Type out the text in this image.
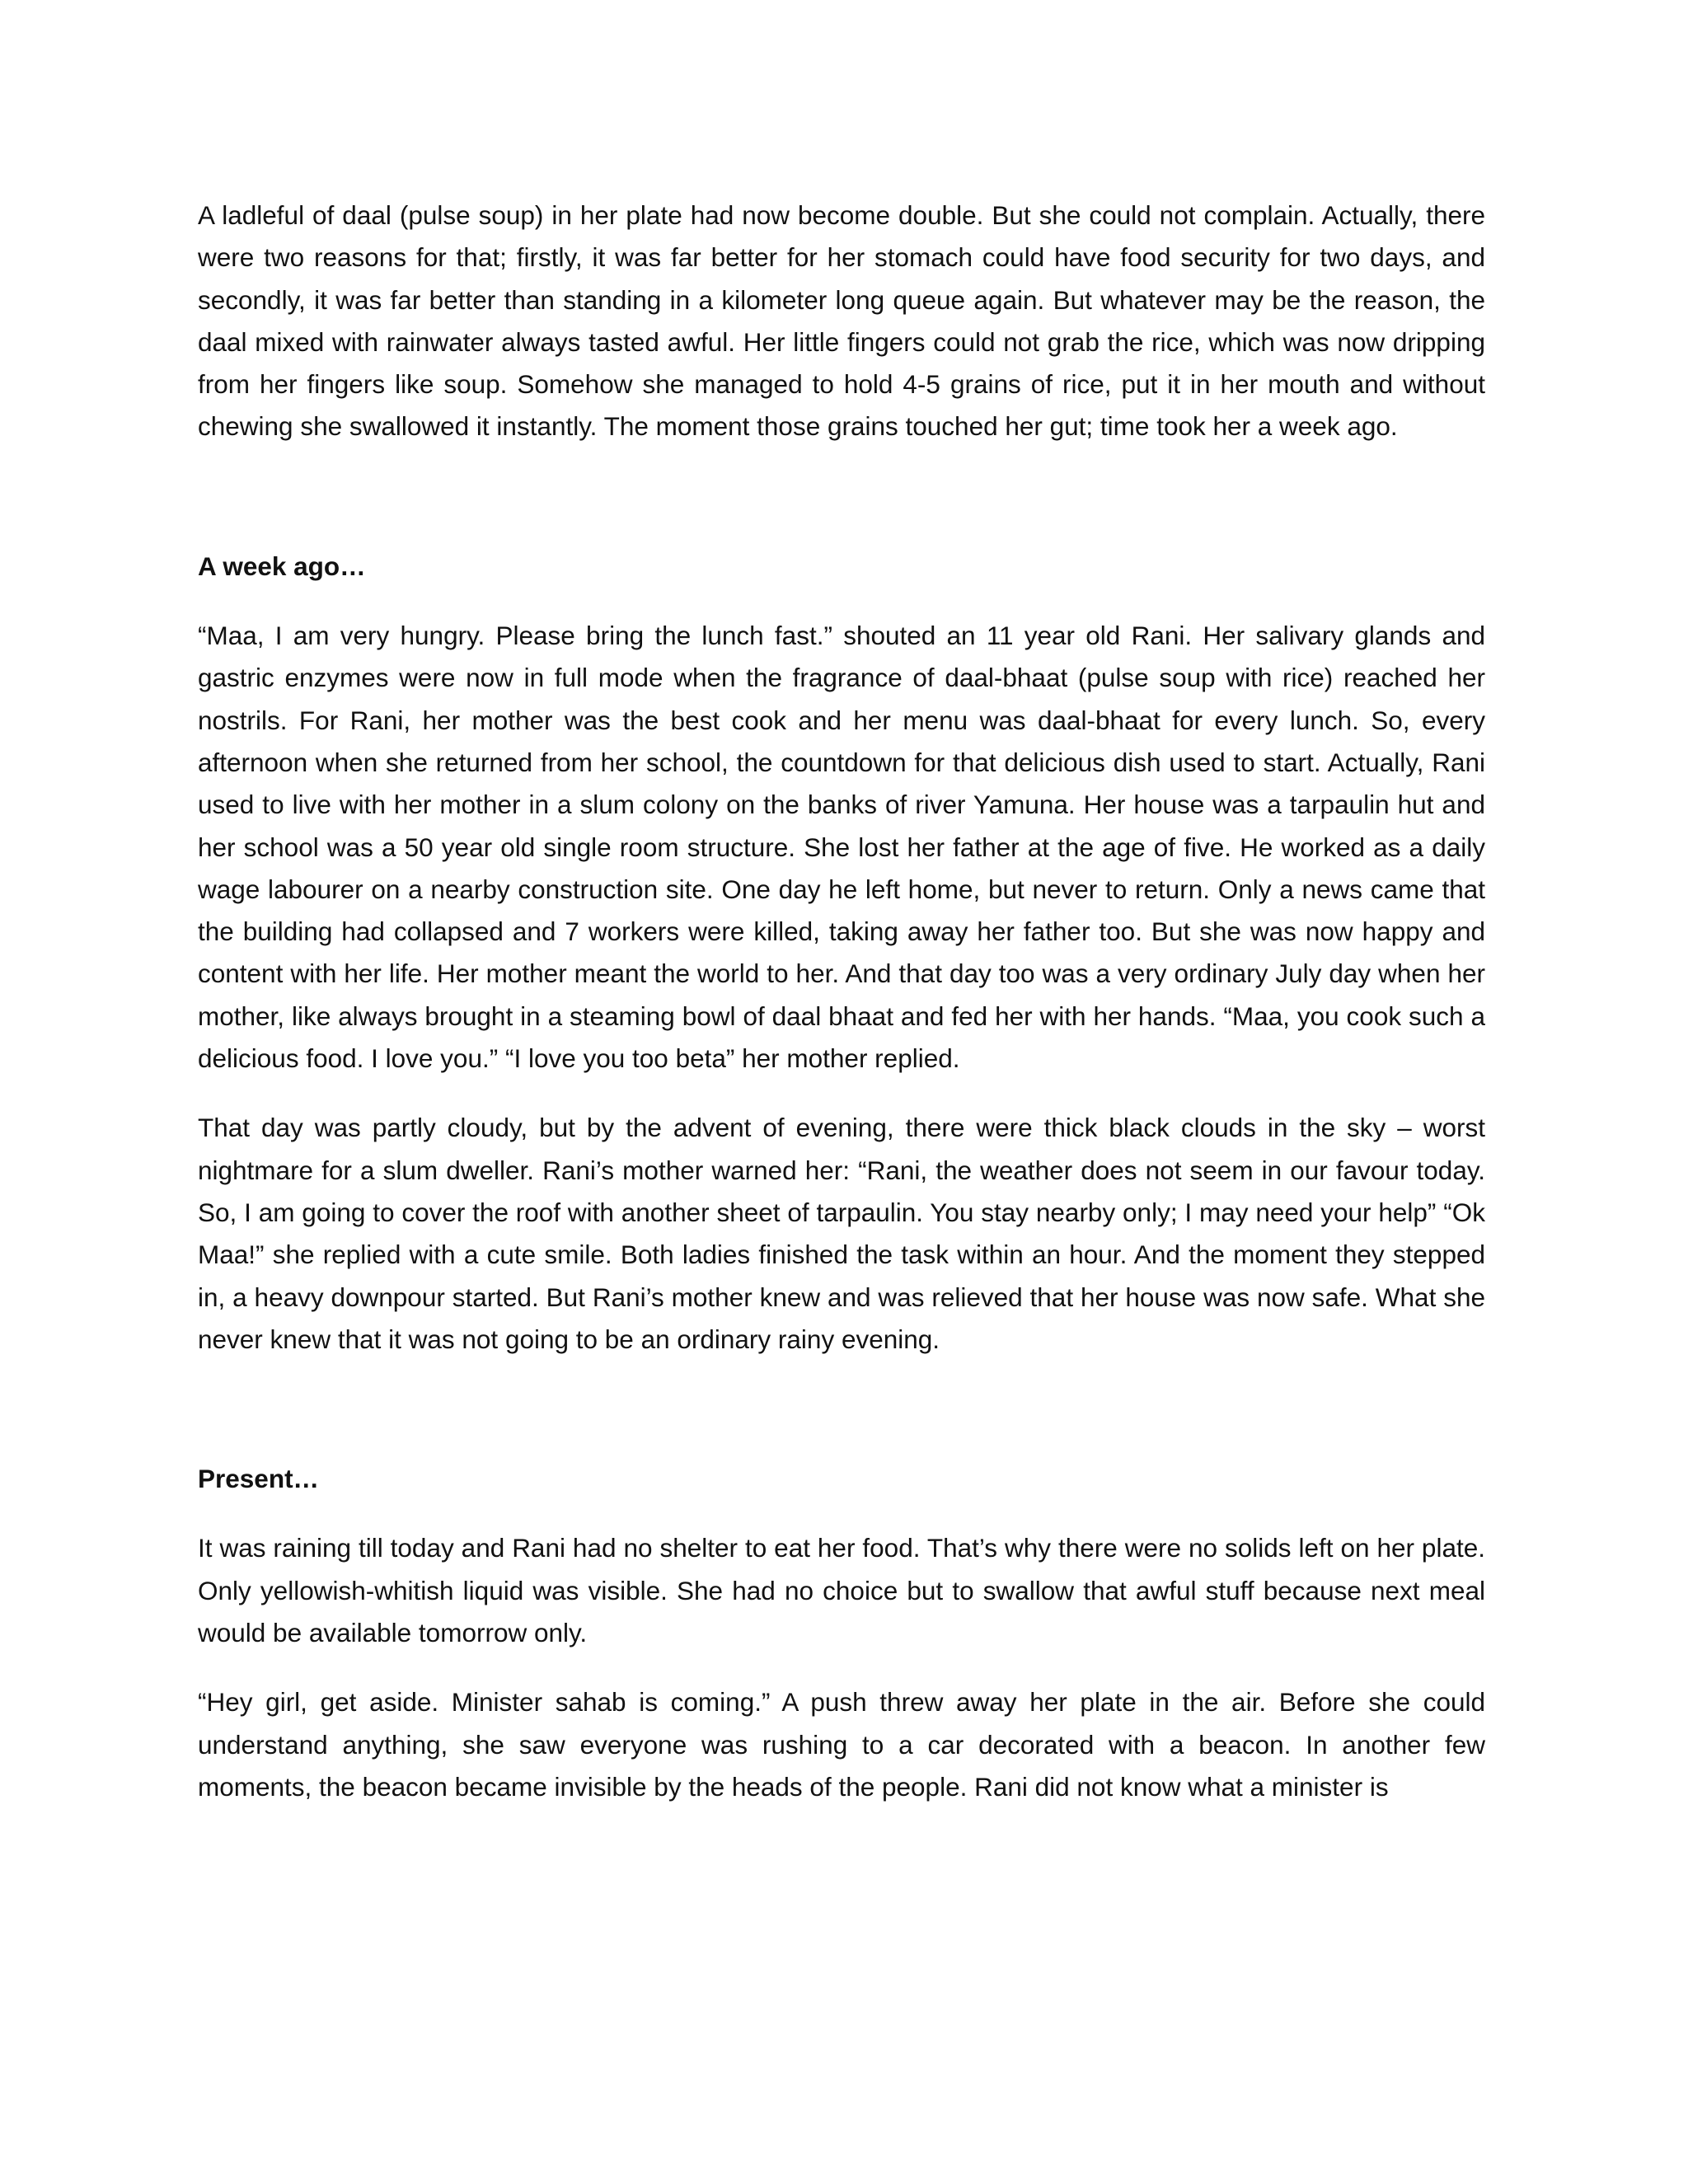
A ladleful of daal (pulse soup) in her plate had now become double. But she could not complain. Actually, there were two reasons for that; firstly, it was far better for her stomach could have food security for two days, and secondly, it was far better than standing in a kilometer long queue again. But whatever may be the reason, the daal mixed with rainwater always tasted awful. Her little fingers could not grab the rice, which was now dripping from her fingers like soup. Somehow she managed to hold 4-5 grains of rice, put it in her mouth and without chewing she swallowed it instantly. The moment those grains touched her gut; time took her a week ago.

A week ago…

“Maa, I am very hungry. Please bring the lunch fast.” shouted an 11 year old Rani. Her salivary glands and gastric enzymes were now in full mode when the fragrance of daal-bhaat (pulse soup with rice) reached her nostrils. For Rani, her mother was the best cook and her menu was daal-bhaat for every lunch. So, every afternoon when she returned from her school, the countdown for that delicious dish used to start. Actually, Rani used to live with her mother in a slum colony on the banks of river Yamuna. Her house was a tarpaulin hut and her school was a 50 year old single room structure. She lost her father at the age of five. He worked as a daily wage labourer on a nearby construction site. One day he left home, but never to return. Only a news came that the building had collapsed and 7 workers were killed, taking away her father too. But she was now happy and content with her life. Her mother meant the world to her. And that day too was a very ordinary July day when her mother, like always brought in a steaming bowl of daal bhaat and fed her with her hands. “Maa, you cook such a delicious food. I love you.” “I love you too beta” her mother replied.

That day was partly cloudy, but by the advent of evening, there were thick black clouds in the sky – worst nightmare for a slum dweller. Rani’s mother warned her: “Rani, the weather does not seem in our favour today. So, I am going to cover the roof with another sheet of tarpaulin. You stay nearby only; I may need your help” “Ok Maa!” she replied with a cute smile. Both ladies finished the task within an hour. And the moment they stepped in, a heavy downpour started. But Rani’s mother knew and was relieved that her house was now safe. What she never knew that it was not going to be an ordinary rainy evening.

Present…

It was raining till today and Rani had no shelter to eat her food. That’s why there were no solids left on her plate. Only yellowish-whitish liquid was visible. She had no choice but to swallow that awful stuff because next meal would be available tomorrow only.

“Hey girl, get aside. Minister sahab is coming.” A push threw away her plate in the air. Before she could understand anything, she saw everyone was rushing to a car decorated with a beacon. In another few moments, the beacon became invisible by the heads of the people. Rani did not know what a minister is
